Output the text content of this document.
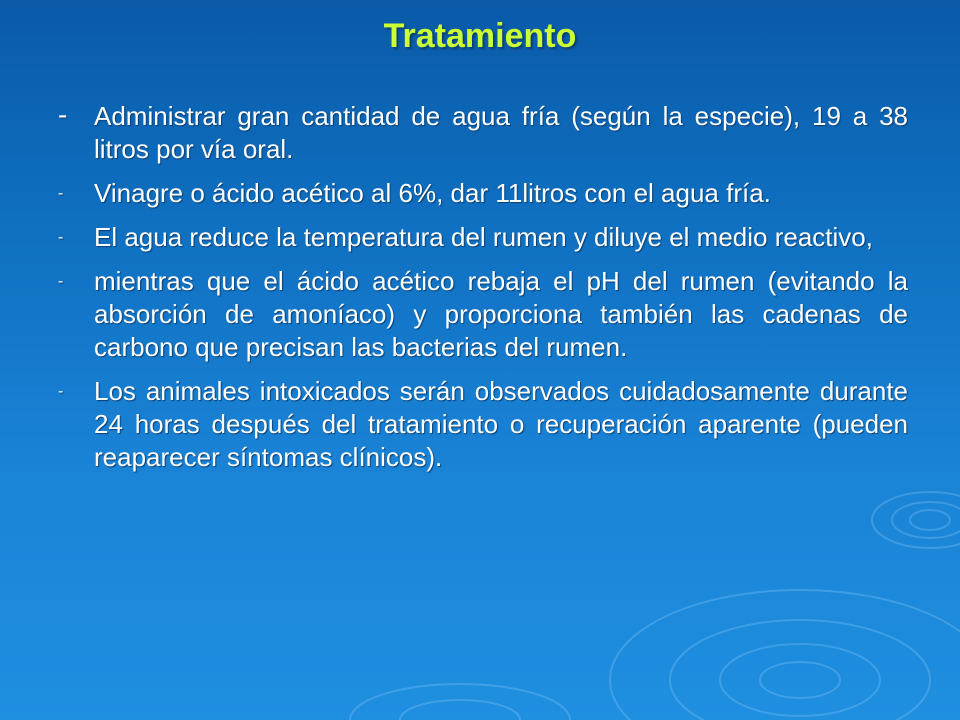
Tratamiento
-	Administrar gran cantidad de agua fría (según la especie), 19 a 38 litros por vía oral.
-	Vinagre o ácido acético al 6%, dar 11litros con el agua fría.
-	El agua reduce la temperatura del rumen y diluye el medio reactivo,
-	mientras que el ácido acético rebaja el pH del rumen (evitando la absorción de amoníaco) y proporciona también las cadenas de carbono que precisan las bacterias del rumen.
-	Los animales intoxicados serán observados cuidadosamente durante 24 horas después del tratamiento o recuperación aparente (pueden reaparecer síntomas clínicos).
